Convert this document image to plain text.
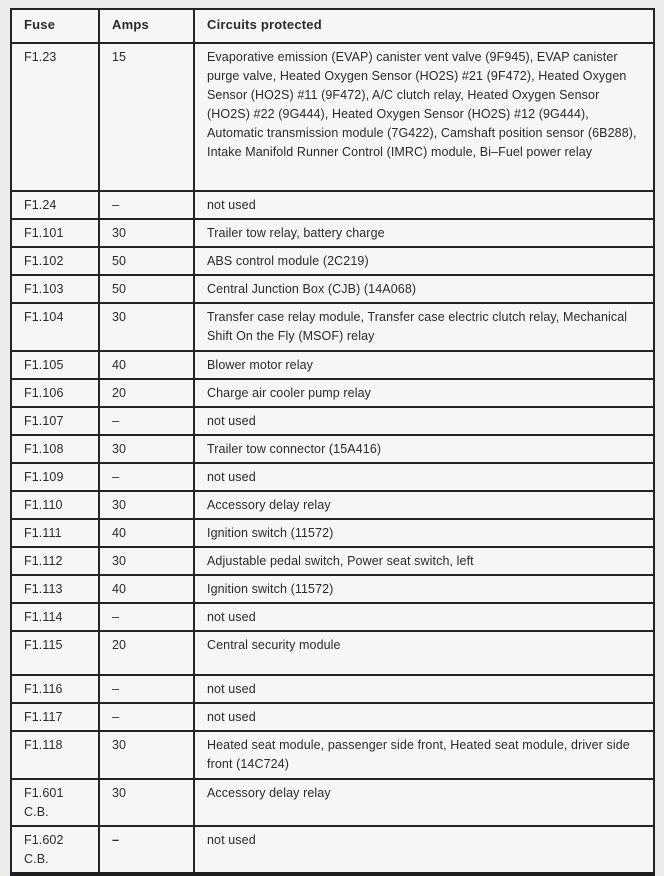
Fuse	Amps	Circuits protected
F1.23	15	Evaporative emission (EVAP) canister vent valve (9F945), EVAP canister purge valve, Heated Oxygen Sensor (HO2S) #21 (9F472), Heated Oxygen Sensor (HO2S) #11 (9F472), A/C clutch relay, Heated Oxygen Sensor (HO2S) #22 (9G444), Heated Oxygen Sensor (HO2S) #12 (9G444), Automatic transmission module (7G422), Camshaft position sensor (6B288), Intake Manifold Runner Control (IMRC) module, Bi–Fuel power relay
F1.24	–	not used
F1.101	30	Trailer tow relay, battery charge
F1.102	50	ABS control module (2C219)
F1.103	50	Central Junction Box (CJB) (14A068)
F1.104	30	Transfer case relay module, Transfer case electric clutch relay, Mechanical Shift On the Fly (MSOF) relay
F1.105	40	Blower motor relay
F1.106	20	Charge air cooler pump relay
F1.107	–	not used
F1.108	30	Trailer tow connector (15A416)
F1.109	–	not used
F1.110	30	Accessory delay relay
F1.111	40	Ignition switch (11572)
F1.112	30	Adjustable pedal switch, Power seat switch, left
F1.113	40	Ignition switch (11572)
F1.114	–	not used
F1.115	20	Central security module
F1.116	–	not used
F1.117	–	not used
F1.118	30	Heated seat module, passenger side front, Heated seat module, driver side front (14C724)
F1.601 C.B.	30	Accessory delay relay
F1.602 C.B.	–	not used
